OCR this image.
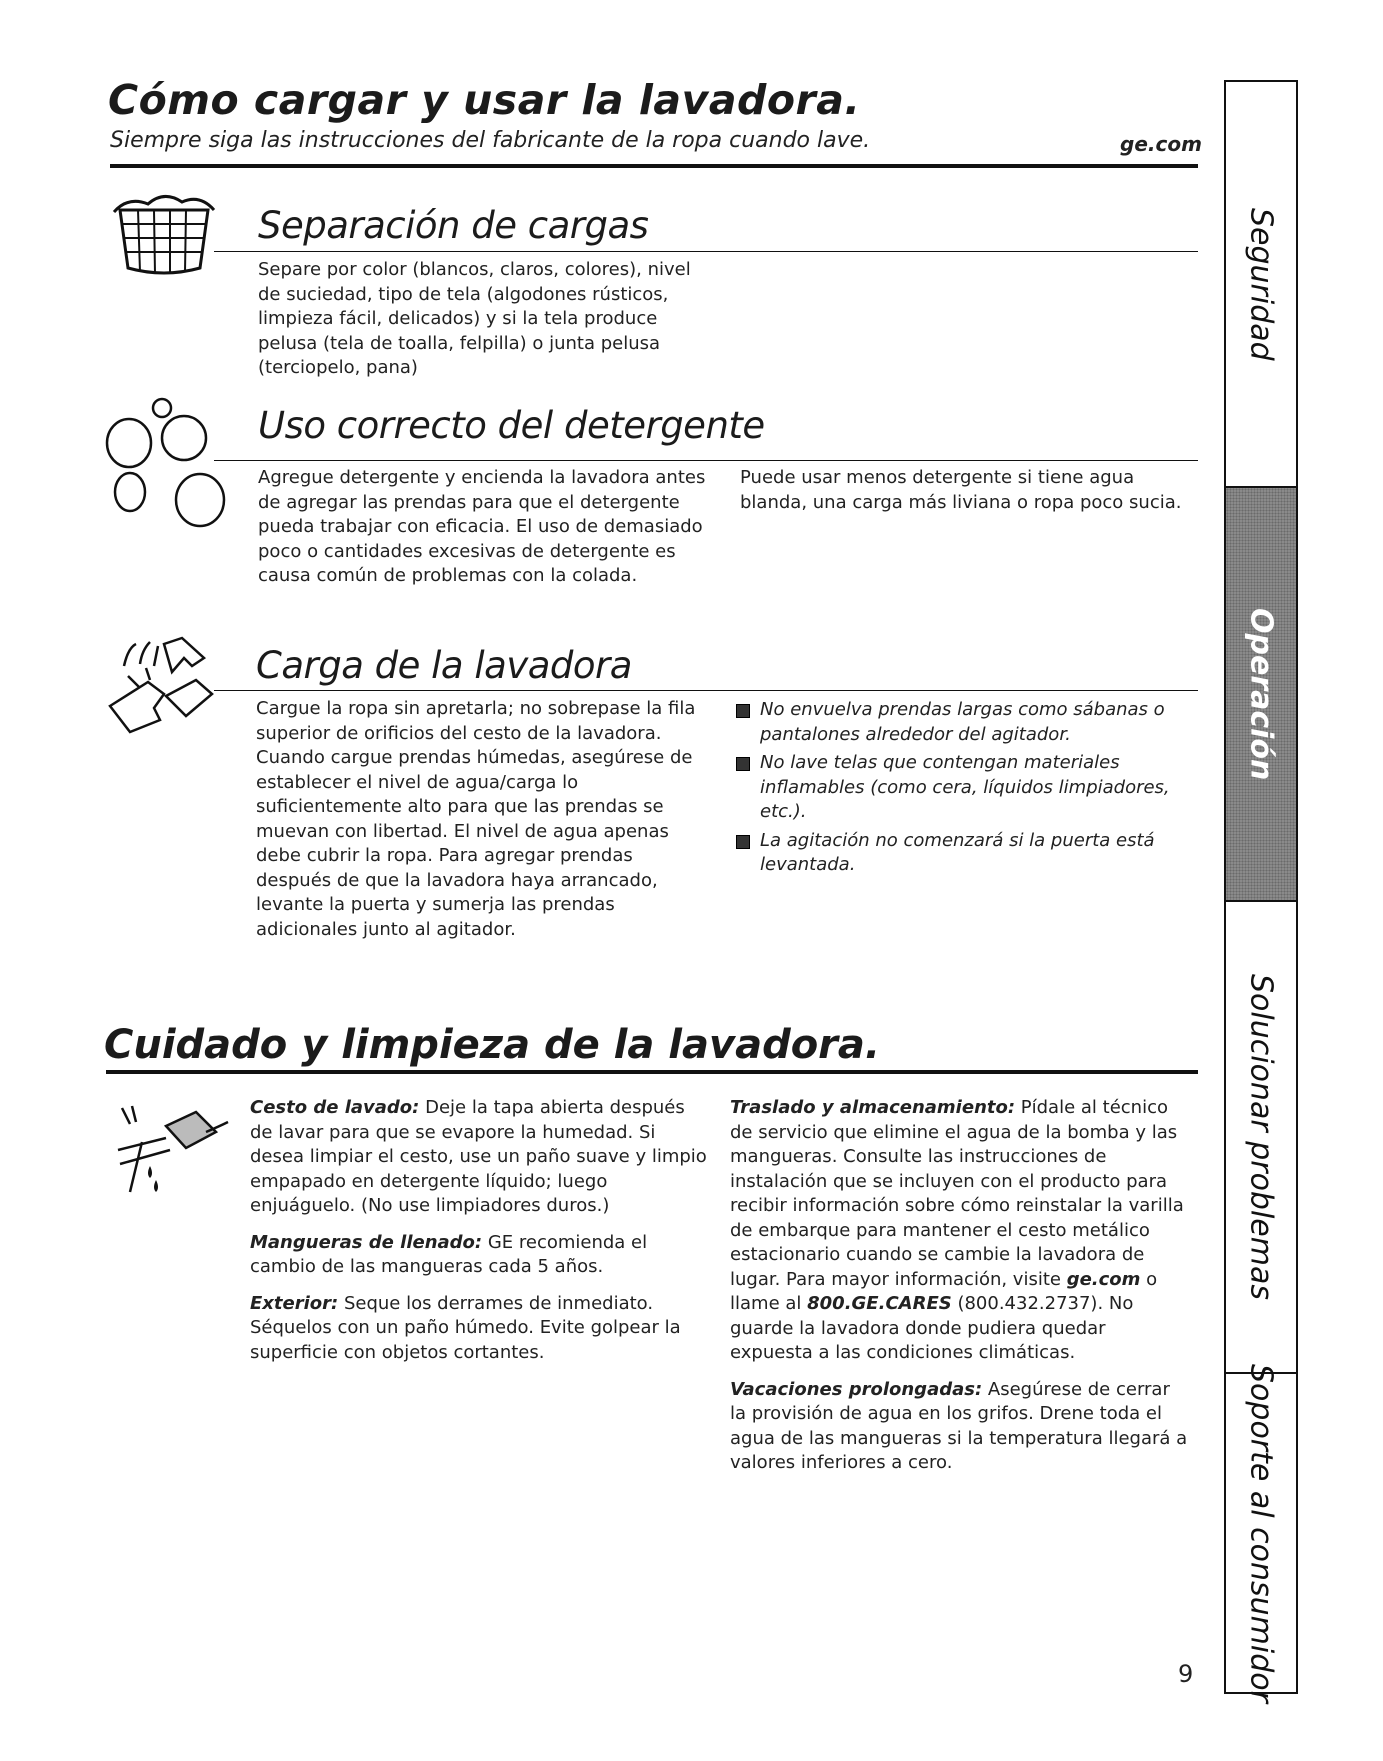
Cómo cargar y usar la lavadora.
Siempre siga las instrucciones del fabricante de la ropa cuando lave.	ge.com
Separación de cargas
Separe por color (blancos, claros, colores), nivel de suciedad, tipo de tela (algodones rústicos, limpieza fácil, delicados) y si la tela produce pelusa (tela de toalla, felpilla) o junta pelusa (terciopelo, pana)
Uso correcto del detergente
Agregue detergente y encienda la lavadora antes de agregar las prendas para que el detergente pueda trabajar con eficacia. El uso de demasiado poco o cantidades excesivas de detergente es causa común de problemas con la colada.
Puede usar menos detergente si tiene agua blanda, una carga más liviana o ropa poco sucia.
Carga de la lavadora
Cargue la ropa sin apretarla; no sobrepase la fila superior de orificios del cesto de la lavadora. Cuando cargue prendas húmedas, asegúrese de establecer el nivel de agua/carga lo suficientemente alto para que las prendas se muevan con libertad. El nivel de agua apenas debe cubrir la ropa. Para agregar prendas después de que la lavadora haya arrancado, levante la puerta y sumerja las prendas adicionales junto al agitador.
No envuelva prendas largas como sábanas o pantalones alrededor del agitador.
No lave telas que contengan materiales inflamables (como cera, líquidos limpiadores, etc.).
La agitación no comenzará si la puerta está levantada.
Cuidado y limpieza de la lavadora.

Cesto de lavado: Deje la tapa abierta después de lavar para que se evapore la humedad. Si desea limpiar el cesto, use un paño suave y limpio empapado en detergente líquido; luego enjuáguelo. (No use limpiadores duros.)

Mangueras de llenado: GE recomienda el cambio de las mangueras cada 5 años.

Exterior: Seque los derrames de inmediato. Séquelos con un paño húmedo. Evite golpear la superficie con objetos cortantes.

Traslado y almacenamiento: Pídale al técnico de servicio que elimine el agua de la bomba y las mangueras. Consulte las instrucciones de instalación que se incluyen con el producto para recibir información sobre cómo reinstalar la varilla de embarque para mantener el cesto metálico estacionario cuando se cambie la lavadora de lugar. Para mayor información, visite ge.com o llame al 800.GE.CARES (800.432.2737). No guarde la lavadora donde pudiera quedar expuesta a las condiciones climáticas.

Vacaciones prolongadas: Asegúrese de cerrar la provisión de agua en los grifos. Drene toda el agua de las mangueras si la temperatura llegará a valores inferiores a cero.

Seguridad
Operación
Solucionar problemas
Soporte al consumidor
9
